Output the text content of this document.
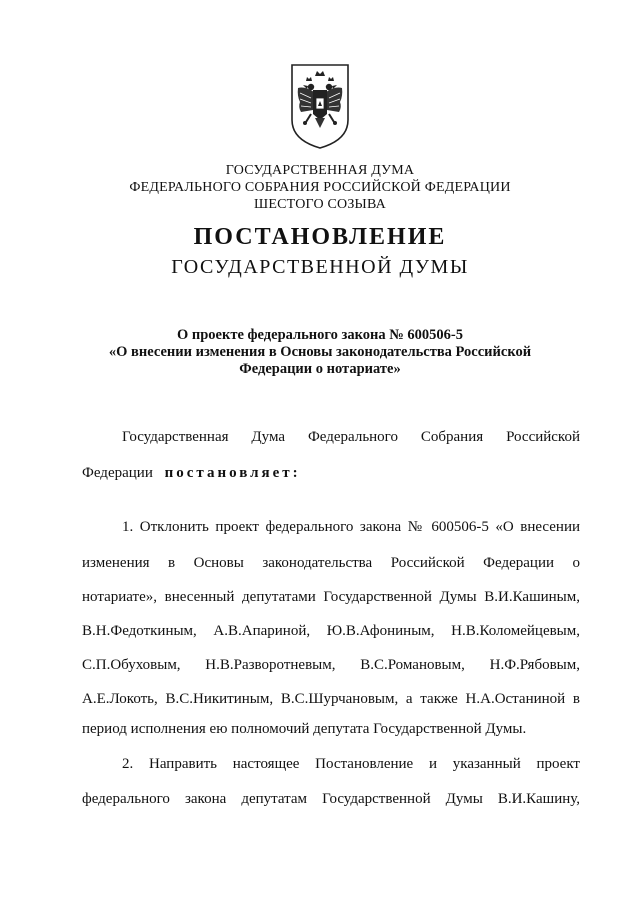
ГОСУДАРСТВЕННАЯ ДУМА
ФЕДЕРАЛЬНОГО СОБРАНИЯ РОССИЙСКОЙ ФЕДЕРАЦИИ
ШЕСТОГО СОЗЫВА
ПОСТАНОВЛЕНИЕ
ГОСУДАРСТВЕННОЙ ДУМЫ
О проекте федерального закона № 600506-5
«О внесении изменения в Основы законодательства Российской
Федерации о нотариате»
Государственная Дума Федерального Собрания Российской
Федерации постановляет:
1. Отклонить проект федерального закона № 600506-5 «О внесении
изменения в Основы законодательства Российской Федерации о
нотариате», внесенный депутатами Государственной Думы В.И.Кашиным,
В.Н.Федоткиным, А.В.Апариной, Ю.В.Афониным, Н.В.Коломейцевым,
С.П.Обуховым, Н.В.Разворотневым, В.С.Романовым, Н.Ф.Рябовым,
А.Е.Локоть, В.С.Никитиным, В.С.Шурчановым, а также Н.А.Останиной в
период исполнения ею полномочий депутата Государственной Думы.
2. Направить настоящее Постановление и указанный проект
федерального закона депутатам Государственной Думы В.И.Кашину,
